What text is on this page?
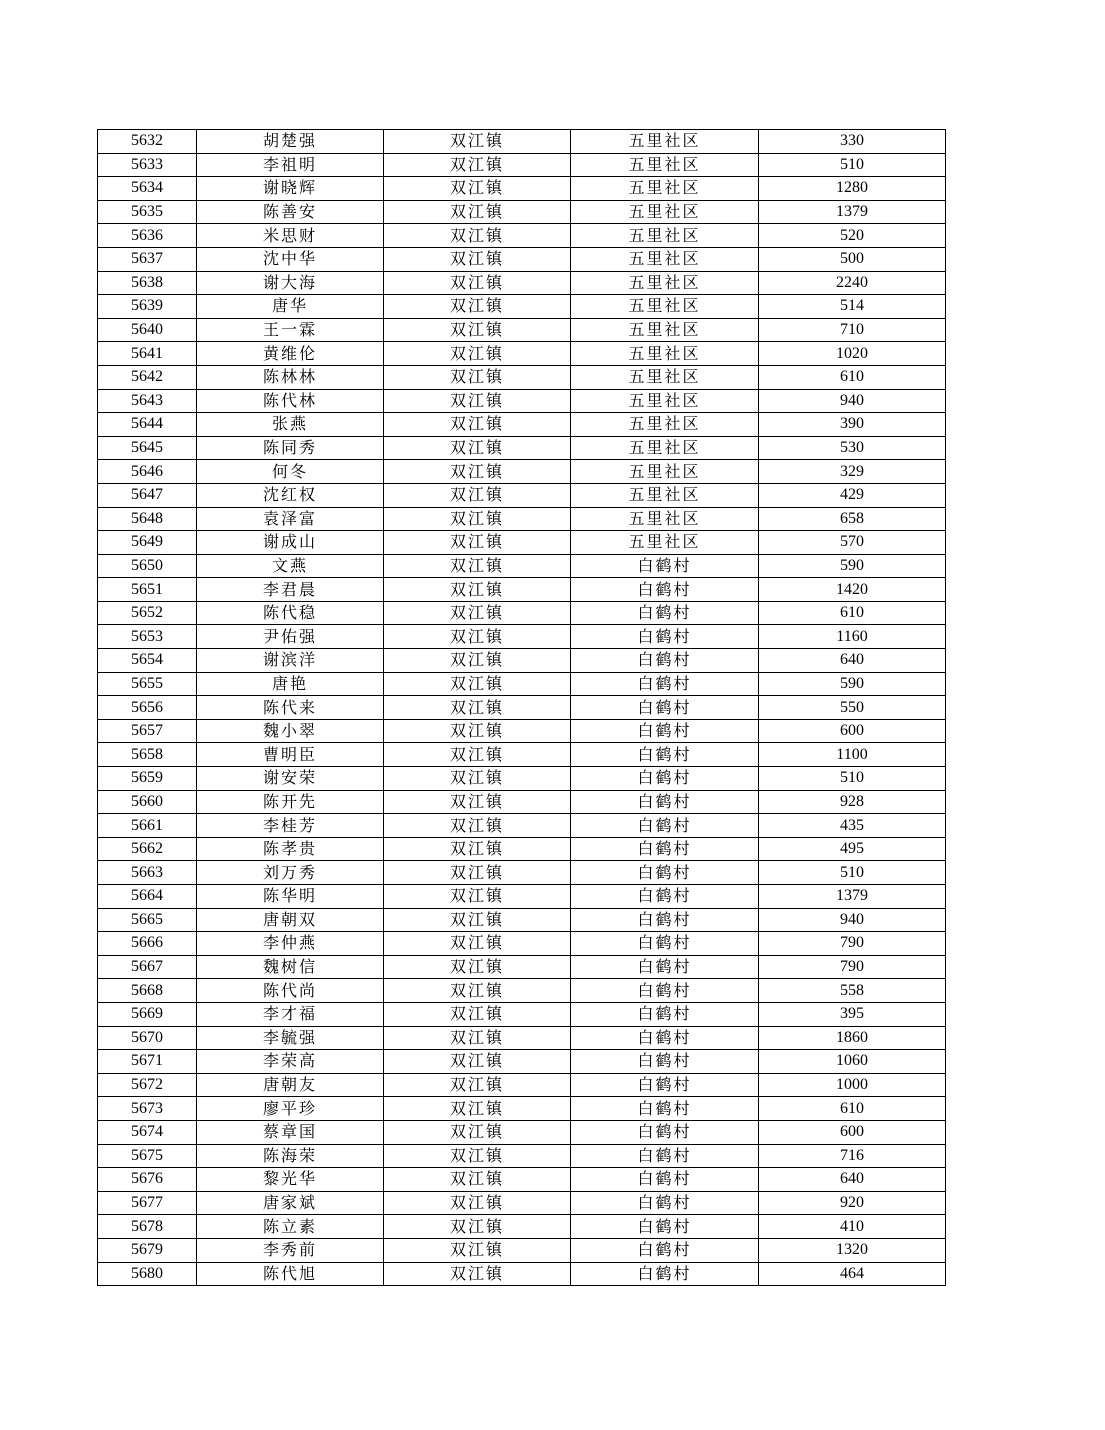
5632	胡楚强	双江镇	五里社区	330
5633	李祖明	双江镇	五里社区	510
5634	谢晓辉	双江镇	五里社区	1280
5635	陈善安	双江镇	五里社区	1379
5636	米思财	双江镇	五里社区	520
5637	沈中华	双江镇	五里社区	500
5638	谢大海	双江镇	五里社区	2240
5639	唐华	双江镇	五里社区	514
5640	王一霖	双江镇	五里社区	710
5641	黄维伦	双江镇	五里社区	1020
5642	陈林林	双江镇	五里社区	610
5643	陈代林	双江镇	五里社区	940
5644	张燕	双江镇	五里社区	390
5645	陈同秀	双江镇	五里社区	530
5646	何冬	双江镇	五里社区	329
5647	沈红权	双江镇	五里社区	429
5648	袁泽富	双江镇	五里社区	658
5649	谢成山	双江镇	五里社区	570
5650	文燕	双江镇	白鹤村	590
5651	李君晨	双江镇	白鹤村	1420
5652	陈代稳	双江镇	白鹤村	610
5653	尹佑强	双江镇	白鹤村	1160
5654	谢滨洋	双江镇	白鹤村	640
5655	唐艳	双江镇	白鹤村	590
5656	陈代来	双江镇	白鹤村	550
5657	魏小翠	双江镇	白鹤村	600
5658	曹明臣	双江镇	白鹤村	1100
5659	谢安荣	双江镇	白鹤村	510
5660	陈开先	双江镇	白鹤村	928
5661	李桂芳	双江镇	白鹤村	435
5662	陈孝贵	双江镇	白鹤村	495
5663	刘万秀	双江镇	白鹤村	510
5664	陈华明	双江镇	白鹤村	1379
5665	唐朝双	双江镇	白鹤村	940
5666	李仲燕	双江镇	白鹤村	790
5667	魏树信	双江镇	白鹤村	790
5668	陈代尚	双江镇	白鹤村	558
5669	李才福	双江镇	白鹤村	395
5670	李毓强	双江镇	白鹤村	1860
5671	李荣高	双江镇	白鹤村	1060
5672	唐朝友	双江镇	白鹤村	1000
5673	廖平珍	双江镇	白鹤村	610
5674	蔡章国	双江镇	白鹤村	600
5675	陈海荣	双江镇	白鹤村	716
5676	黎光华	双江镇	白鹤村	640
5677	唐家斌	双江镇	白鹤村	920
5678	陈立素	双江镇	白鹤村	410
5679	李秀前	双江镇	白鹤村	1320
5680	陈代旭	双江镇	白鹤村	464
